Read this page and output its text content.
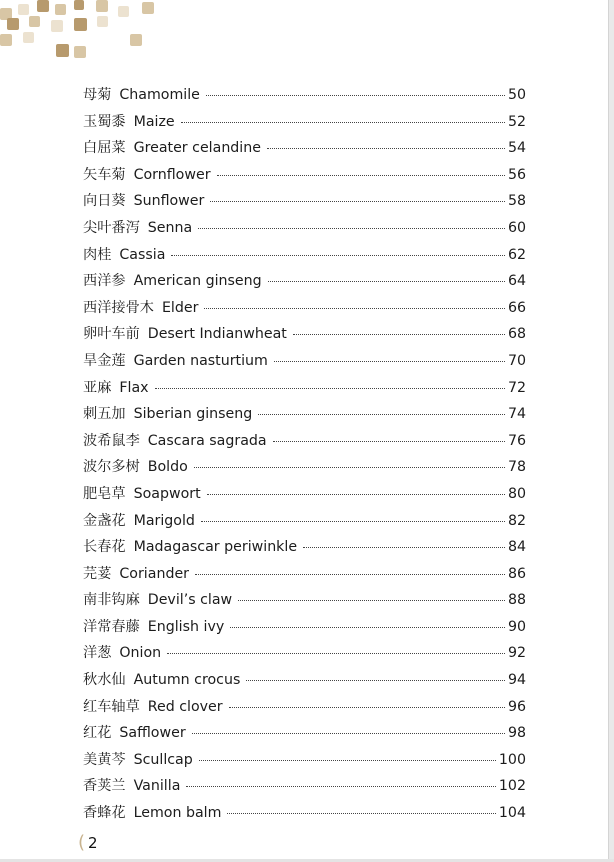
母菊 Chamomile	50
玉蜀黍 Maize	52
白屈菜 Greater celandine	54
矢车菊 Cornflower	56
向日葵 Sunflower	58
尖叶番泻 Senna	60
肉桂 Cassia	62
西洋参 American ginseng	64
西洋接骨木 Elder	66
卵叶车前 Desert Indianwheat	68
旱金莲 Garden nasturtium	70
亚麻 Flax	72
刺五加 Siberian ginseng	74
波希鼠李 Cascara sagrada	76
波尔多树 Boldo	78
肥皂草 Soapwort	80
金盏花 Marigold	82
长春花 Madagascar periwinkle	84
芫荽 Coriander	86
南非钩麻 Devil’s claw	88
洋常春藤 English ivy	90
洋葱 Onion	92
秋水仙 Autumn crocus	94
红车轴草 Red clover	96
红花 Safflower	98
美黄芩 Scullcap	100
香荚兰 Vanilla	102
香蜂花 Lemon balm	104
( 2
